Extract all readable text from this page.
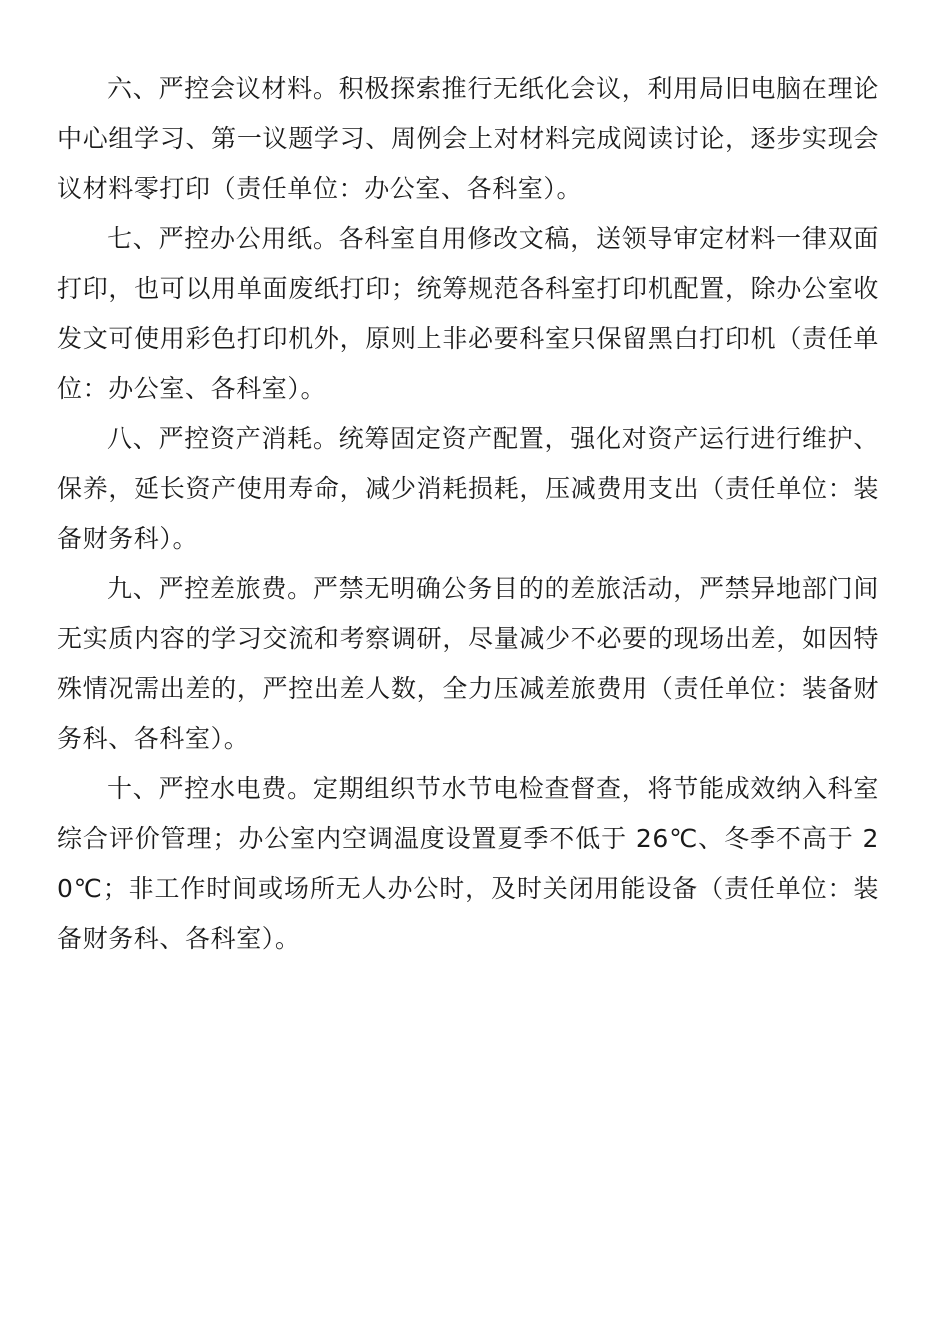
六、严控会议材料。积极探索推行无纸化会议，利用局旧电脑在理论中心组学习、第一议题学习、周例会上对材料完成阅读讨论，逐步实现会议材料零打印（责任单位：办公室、各科室）。

七、严控办公用纸。各科室自用修改文稿，送领导审定材料一律双面打印，也可以用单面废纸打印；统筹规范各科室打印机配置，除办公室收发文可使用彩色打印机外，原则上非必要科室只保留黑白打印机（责任单位：办公室、各科室）。

八、严控资产消耗。统筹固定资产配置，强化对资产运行进行维护、保养，延长资产使用寿命，减少消耗损耗，压减费用支出（责任单位：装备财务科）。

九、严控差旅费。严禁无明确公务目的的差旅活动，严禁异地部门间无实质内容的学习交流和考察调研，尽量减少不必要的现场出差，如因特殊情况需出差的，严控出差人数，全力压减差旅费用（责任单位：装备财务科、各科室）。

十、严控水电费。定期组织节水节电检查督查，将节能成效纳入科室综合评价管理；办公室内空调温度设置夏季不低于 26℃、冬季不高于 20℃；非工作时间或场所无人办公时，及时关闭用能设备（责任单位：装备财务科、各科室）。
